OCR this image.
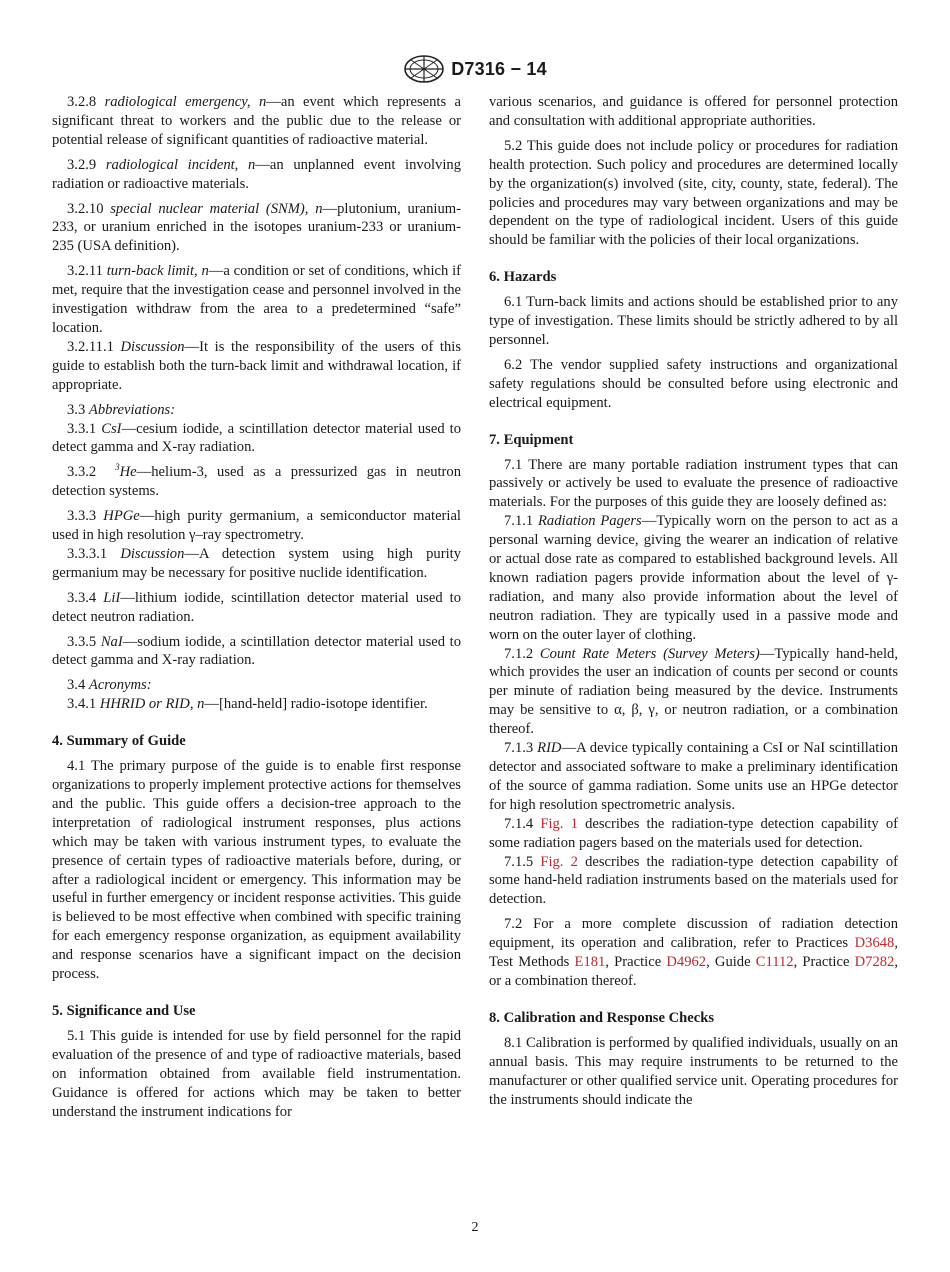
D7316 − 14

3.2.8 radiological emergency, n—an event which represents a significant threat to workers and the public due to the release or potential release of significant quantities of radioactive material.

3.2.9 radiological incident, n—an unplanned event involving radiation or radioactive materials.

3.2.10 special nuclear material (SNM), n—plutonium, uranium-233, or uranium enriched in the isotopes uranium-233 or uranium-235 (USA definition).

3.2.11 turn-back limit, n—a condition or set of conditions, which if met, require that the investigation cease and personnel involved in the investigation withdraw from the area to a predetermined “safe” location.

3.2.11.1 Discussion—It is the responsibility of the users of this guide to establish both the turn-back limit and withdrawal location, if appropriate.

3.3 Abbreviations:

3.3.1 CsI—cesium iodide, a scintillation detector material used to detect gamma and X-ray radiation.

3.3.2 $^3$He—helium-3, used as a pressurized gas in neutron detection systems.

3.3.3 HPGe—high purity germanium, a semiconductor material used in high resolution γ–ray spectrometry.

3.3.3.1 Discussion—A detection system using high purity germanium may be necessary for positive nuclide identification.

3.3.4 LiI—lithium iodide, scintillation detector material used to detect neutron radiation.

3.3.5 NaI—sodium iodide, a scintillation detector material used to detect gamma and X-ray radiation.

3.4 Acronyms:

3.4.1 HHRID or RID, n—[hand-held] radio-isotope identifier.

4. Summary of Guide

4.1 The primary purpose of the guide is to enable first response organizations to properly implement protective actions for themselves and the public. This guide offers a decision-tree approach to the interpretation of radiological instrument responses, plus actions which may be taken with various instrument types, to evaluate the presence of certain types of radioactive materials before, during, or after a radiological incident or emergency. This information may be useful in further emergency or incident response activities. This guide is believed to be most effective when combined with specific training for each emergency response organization, as equipment availability and response scenarios have a significant impact on the decision process.

5. Significance and Use

5.1 This guide is intended for use by field personnel for the rapid evaluation of the presence of and type of radioactive materials, based on information obtained from available field instrumentation. Guidance is offered for actions which may be taken to better understand the instrument indications for

various scenarios, and guidance is offered for personnel protection and consultation with additional appropriate authorities.

5.2 This guide does not include policy or procedures for radiation health protection. Such policy and procedures are determined locally by the organization(s) involved (site, city, county, state, federal). The policies and procedures may vary between organizations and may be dependent on the type of radiological incident. Users of this guide should be familiar with the policies of their local organizations.

6. Hazards

6.1 Turn-back limits and actions should be established prior to any type of investigation. These limits should be strictly adhered to by all personnel.

6.2 The vendor supplied safety instructions and organizational safety regulations should be consulted before using electronic and electrical equipment.

7. Equipment

7.1 There are many portable radiation instrument types that can passively or actively be used to evaluate the presence of radioactive materials. For the purposes of this guide they are loosely defined as:

7.1.1 Radiation Pagers—Typically worn on the person to act as a personal warning device, giving the wearer an indication of relative or actual dose rate as compared to established background levels. All known radiation pagers provide information about the level of γ-radiation, and many also provide information about the level of neutron radiation. They are typically used in a passive mode and worn on the outer layer of clothing.

7.1.2 Count Rate Meters (Survey Meters)—Typically hand-held, which provides the user an indication of counts per second or counts per minute of radiation being measured by the device. Instruments may be sensitive to α, β, γ, or neutron radiation, or a combination thereof.

7.1.3 RID—A device typically containing a CsI or NaI scintillation detector and associated software to make a preliminary identification of the source of gamma radiation. Some units use an HPGe detector for high resolution spectrometric analysis.

7.1.4 Fig. 1 describes the radiation-type detection capability of some radiation pagers based on the materials used for detection.

7.1.5 Fig. 2 describes the radiation-type detection capability of some hand-held radiation instruments based on the materials used for detection.

7.2 For a more complete discussion of radiation detection equipment, its operation and calibration, refer to Practices D3648, Test Methods E181, Practice D4962, Guide C1112, Practice D7282, or a combination thereof.

8. Calibration and Response Checks

8.1 Calibration is performed by qualified individuals, usually on an annual basis. This may require instruments to be returned to the manufacturer or other qualified service unit. Operating procedures for the instruments should indicate the

2
